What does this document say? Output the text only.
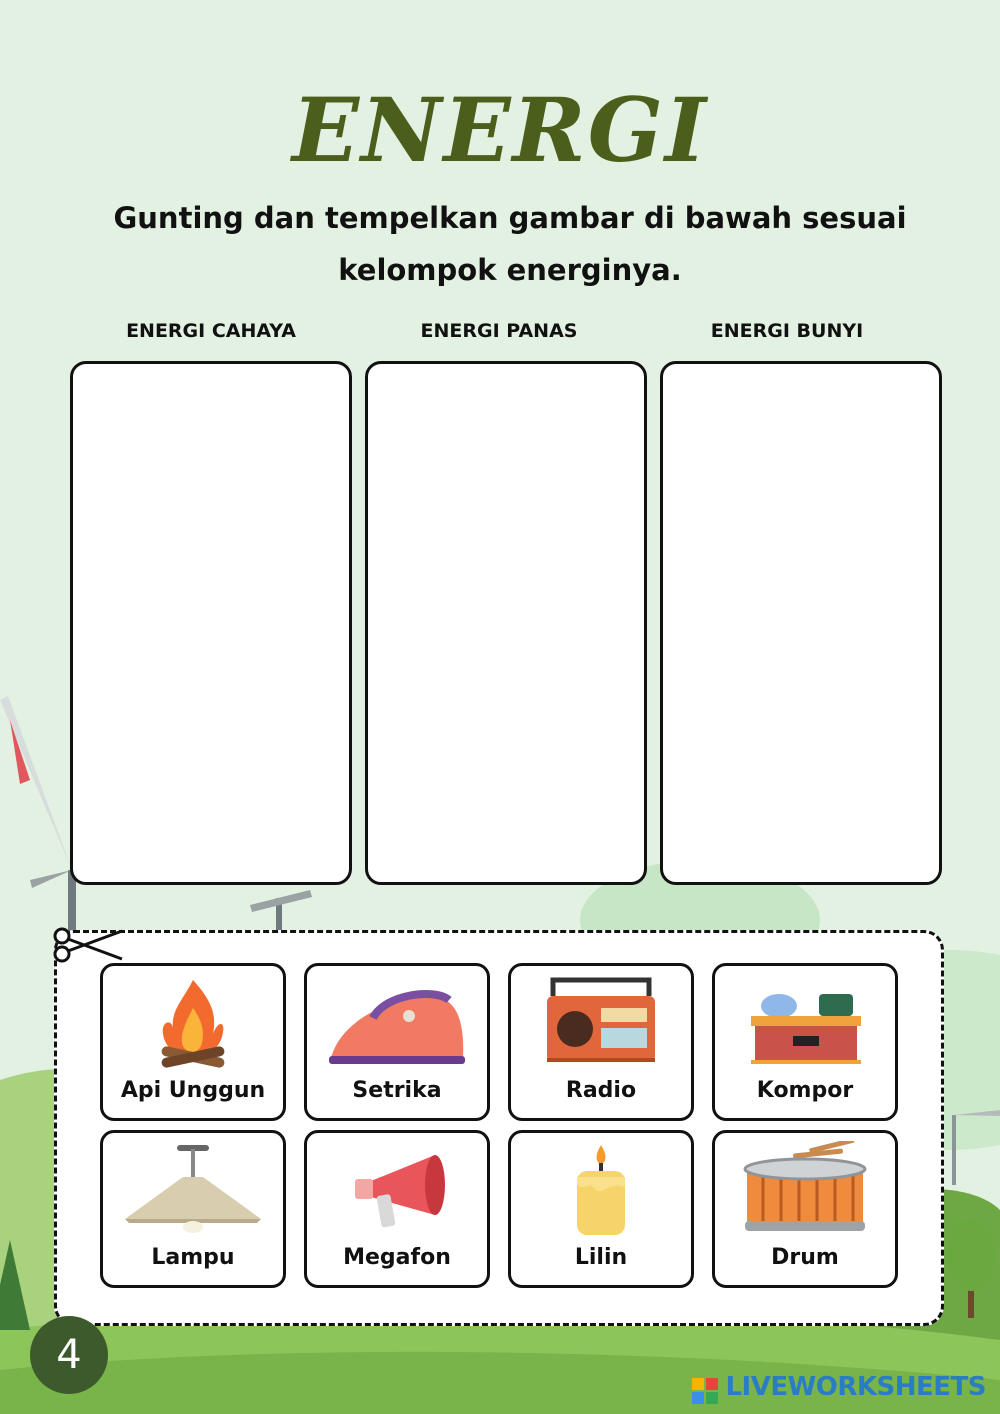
ENERGI
Gunting dan tempelkan gambar di bawah sesuai
kelompok energinya.
ENERGI CAHAYA	ENERGI PANAS	ENERGI BUNYI
Api Unggun	Setrika	Radio	Kompor
Lampu	Megafon	Lilin	Drum
4
LIVEWORKSHEETS
